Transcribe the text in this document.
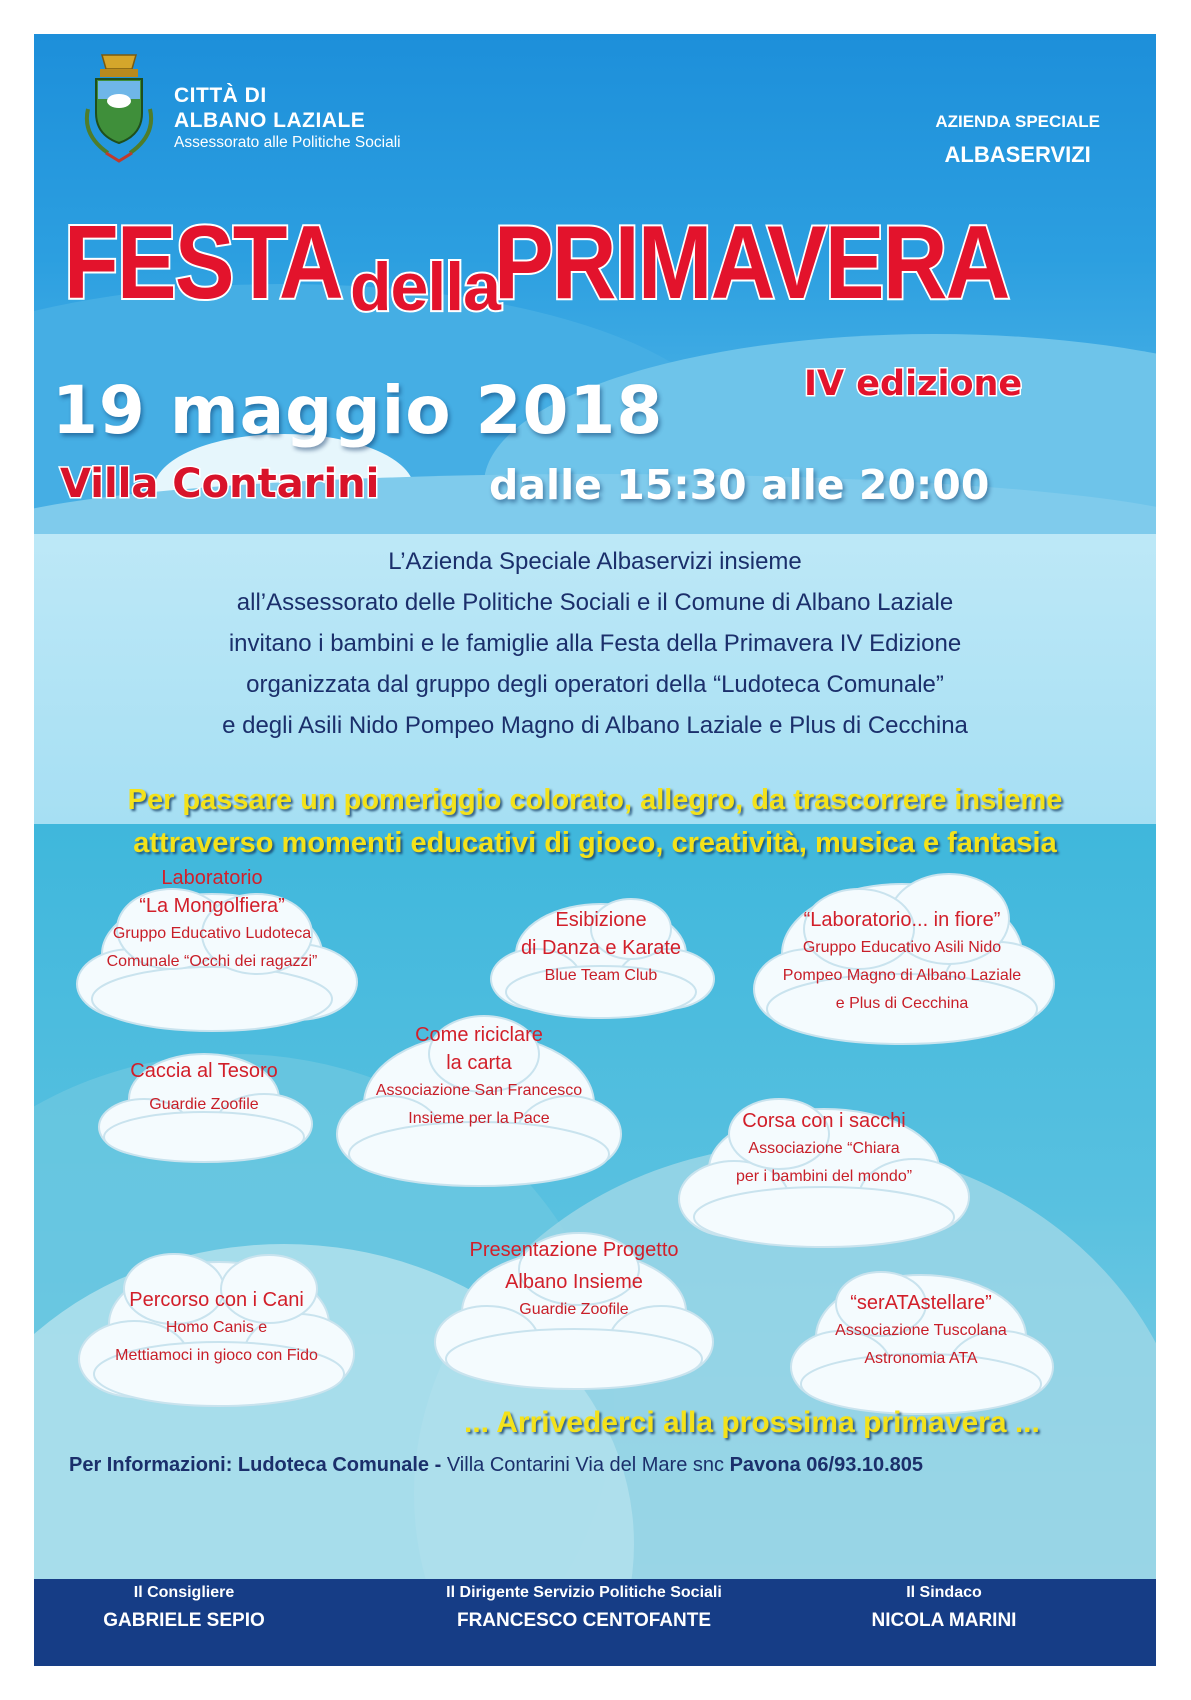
CITTÀ DI
ALBANO LAZIALE
Assessorato alle Politiche Sociali
AZIENDA SPECIALE
ALBASERVIZI
FESTA della
PRIMAVERA
IV edizione
19 maggio 2018
Villa Contarini	dalle 15:30 alle 20:00
L’Azienda Speciale Albaservizi insieme
all’Assessorato delle Politiche Sociali e il Comune di Albano Laziale
invitano i bambini e le famiglie alla Festa della Primavera IV Edizione
organizzata dal gruppo degli operatori della “Ludoteca Comunale”
e degli Asili Nido Pompeo Magno di Albano Laziale e Plus di Cecchina
Per passare un pomeriggio colorato, allegro, da trascorrere insieme
attraverso momenti educativi di gioco, creatività, musica e fantasia
Laboratorio
“La Mongolfiera”
Gruppo Educativo Ludoteca
Comunale “Occhi dei ragazzi”
Esibizione
di Danza e Karate
Blue Team Club
“Laboratorio... in fiore”
Gruppo Educativo Asili Nido
Pompeo Magno di Albano Laziale
e Plus di Cecchina
Caccia al Tesoro
Guardie Zoofile
Come riciclare
la carta
Associazione San Francesco
Insieme per la Pace	Corsa con i sacchi
Associazione “Chiara
per i bambini del mondo”
Percorso con i Cani
Homo Canis e
Mettiamoci in gioco con Fido
Presentazione Progetto
Albano Insieme
Guardie Zoofile	“serATAstellare”
Associazione Tuscolana
Astronomia ATA
... Arrivederci alla prossima primavera ...
Per Informazioni: Ludoteca Comunale - Villa Contarini Via del Mare snc Pavona 06/93.10.805
Il Consigliere
GABRIELE SEPIO
Il Dirigente Servizio Politiche Sociali
FRANCESCO CENTOFANTE
Il Sindaco
NICOLA MARINI
